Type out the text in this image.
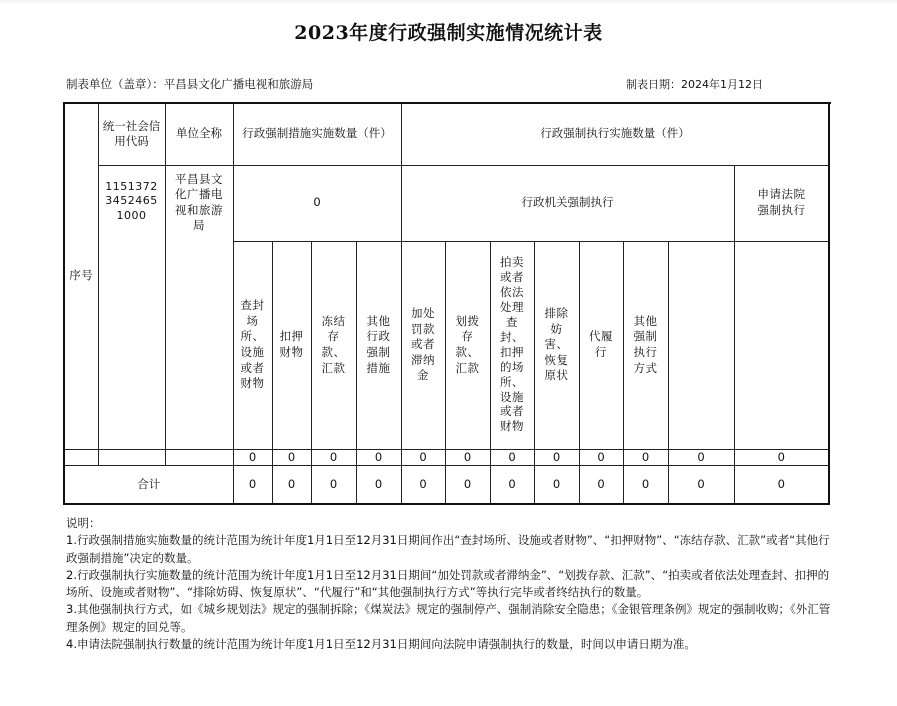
2023年度行政强制实施情况统计表
制表单位（盖章）：平昌县文化广播电视和旅游局	制表日期：2024年1月12日
序号	统一社会信用代码	单位全称	行政强制措施实施数量（件）				行政强制执行实施数量（件）	
	115137234524651000	平昌县文化广播电视和旅游局	0				行政机关强制执行							申请法院强制执行	
			查封场所、设施或者财物	扣押财物	冻结存款、汇款	其他行政强制措施	加处罚款或者滞纳金	划拨存款、汇款	拍卖或者依法处理查封、扣押的场所、设施或者财物	排除妨害、恢复原状	代履行	其他强制执行方式			
			0	0	0	0	0	0	0	0	0	0	0	0	
合计			0	0	0	0	0	0	0	0	0	0	0	0	

说明：

1.行政强制措施实施数量的统计范围为统计年度1月1日至12月31日期间作出“查封场所、设施或者财物”、“扣押财物”、“冻结存款、汇款”或者“其他行政强制措施”决定的数量。

2.行政强制执行实施数量的统计范围为统计年度1月1日至12月31日期间“加处罚款或者滞纳金”、“划拨存款、汇款”、“拍卖或者依法处理查封、扣押的场所、设施或者财物”、“排除妨碍、恢复原状”、“代履行”和“其他强制执行方式”等执行完毕或者终结执行的数量。

3.其他强制执行方式，如《城乡规划法》规定的强制拆除；《煤炭法》规定的强制停产、强制消除安全隐患；《金银管理条例》规定的强制收购；《外汇管理条例》规定的回兑等。

4.申请法院强制执行数量的统计范围为统计年度1月1日至12月31日期间向法院申请强制执行的数量，时间以申请日期为准。
